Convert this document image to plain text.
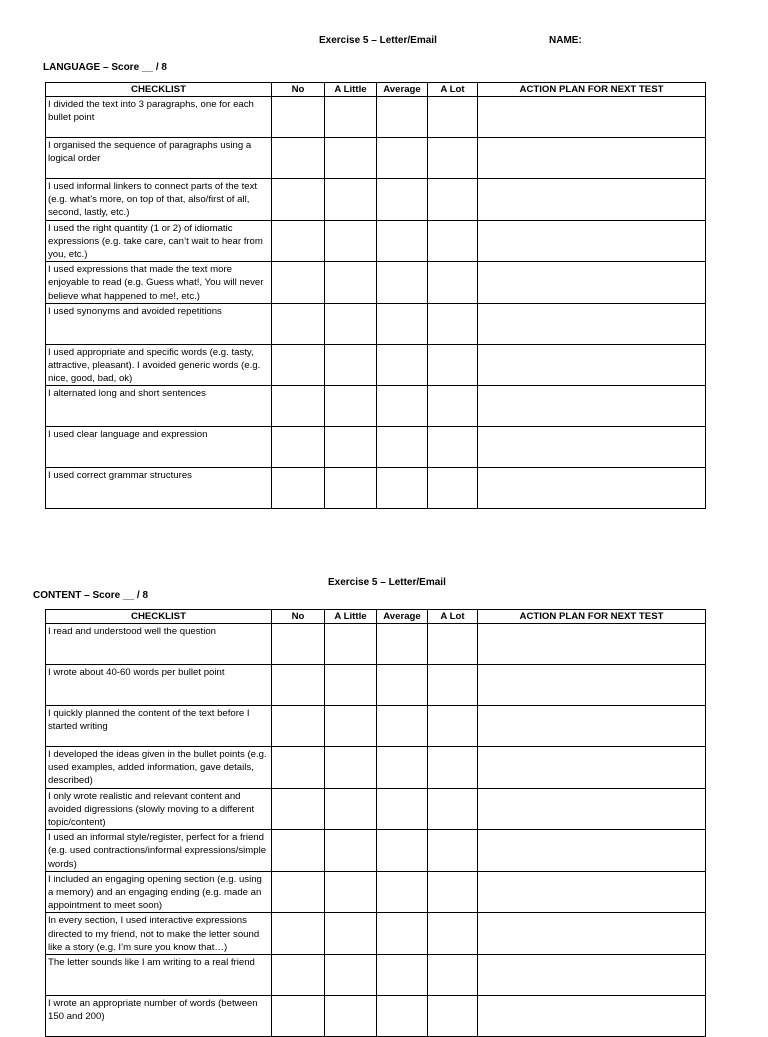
Exercise 5 – Letter/Email	NAME:
LANGUAGE – Score __ / 8
CHECKLIST	No	A Little	Average	A Lot	ACTION PLAN FOR NEXT TEST
I divided the text into 3 paragraphs, one for each bullet point					
I organised the sequence of paragraphs using a logical order					
I used informal linkers to connect parts of the text (e.g. what’s more, on top of that, also/first of all, second, lastly, etc.)					
I used the right quantity (1 or 2) of idiomatic expressions (e.g. take care, can’t wait to hear from you, etc.)					
I used expressions that made the text more enjoyable to read (e.g. Guess what!, You will never believe what happened to me!, etc.)					
I used synonyms and avoided repetitions					
I used appropriate and specific words (e.g. tasty, attractive, pleasant). I avoided generic words (e.g. nice, good, bad, ok)					
I alternated long and short sentences					
I used clear language and expression					
I used correct grammar structures					
Exercise 5 – Letter/Email
CONTENT – Score __ / 8
CHECKLIST	No	A Little	Average	A Lot	ACTION PLAN FOR NEXT TEST
I read and understood well the question					
I wrote about 40-60 words per bullet point					
I quickly planned the content of the text before I started writing					
I developed the ideas given in the bullet points (e.g. used examples, added information, gave details, described)					
I only wrote realistic and relevant content and avoided digressions (slowly moving to a different topic/content)					
I used an informal style/register, perfect for a friend (e.g. used contractions/informal expressions/simple words)					
I included an engaging opening section (e.g. using a memory) and an engaging ending (e.g. made an appointment to meet soon)					
In every section, I used interactive expressions directed to my friend, not to make the letter sound like a story (e.g. I’m sure you know that…)					
The letter sounds like I am writing to a real friend					
I wrote an appropriate number of words (between 150 and 200)					
